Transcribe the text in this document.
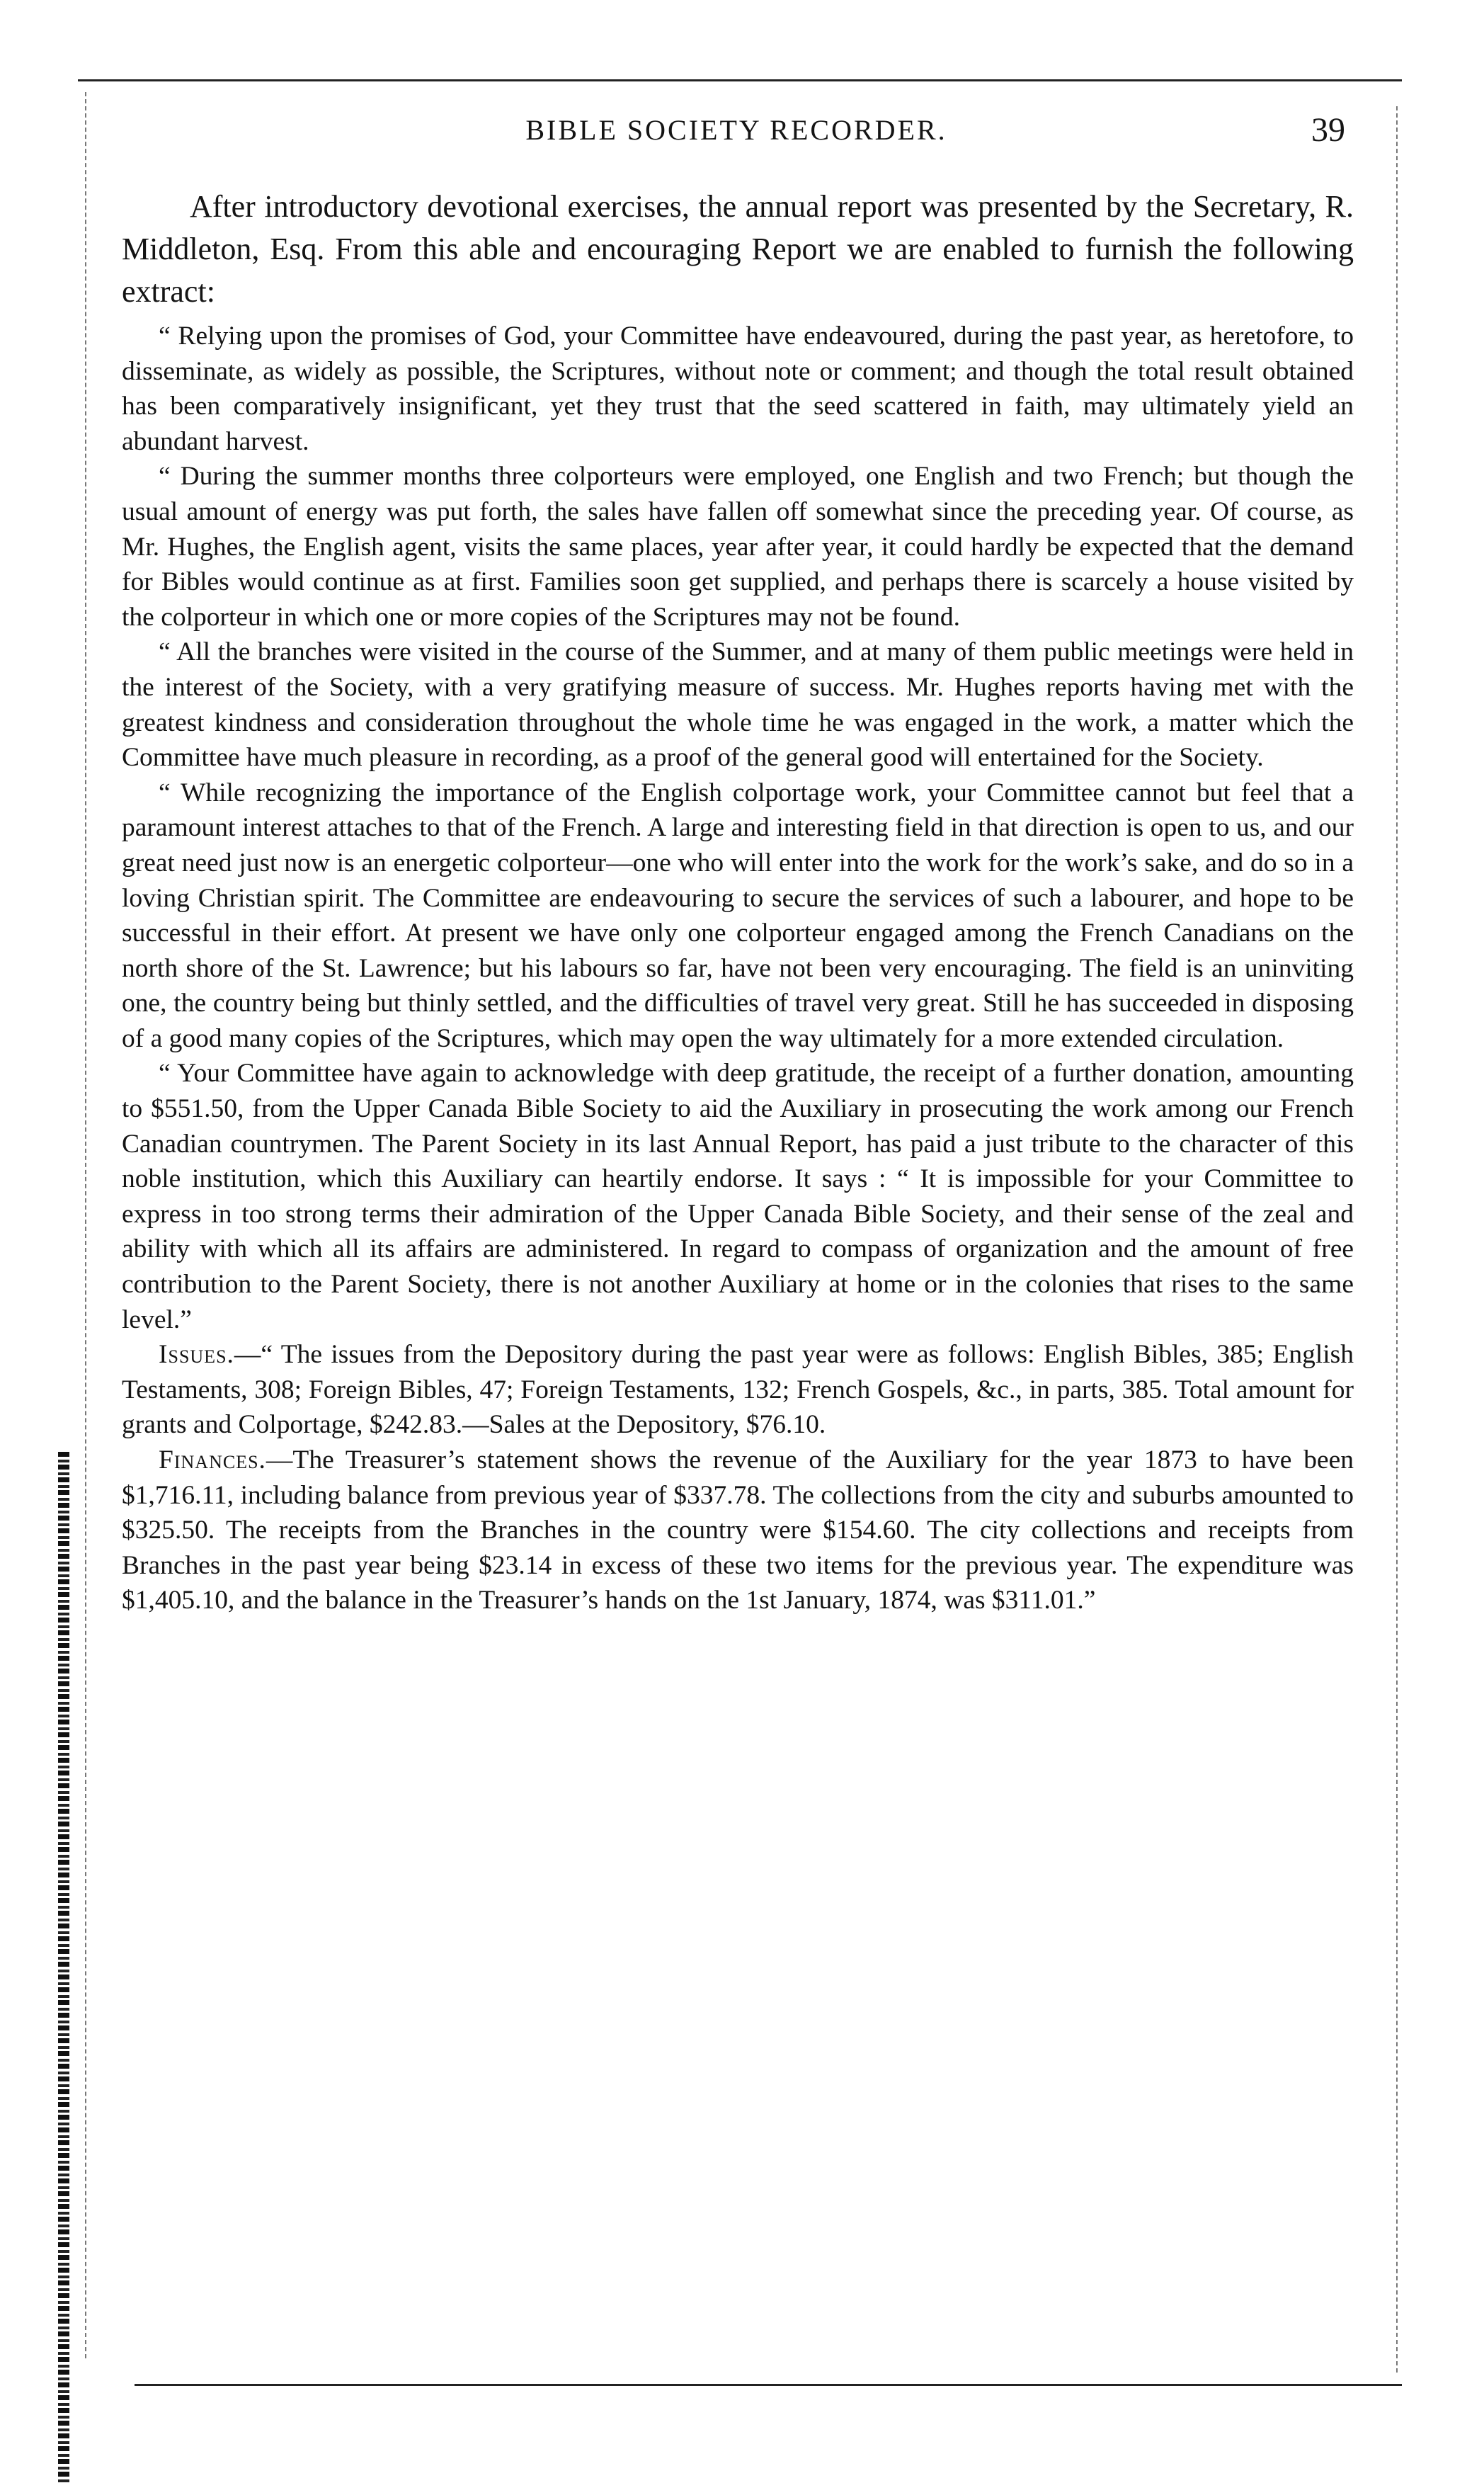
BIBLE SOCIETY RECORDER.	39

After introductory devotional exercises, the annual report was presented by the Secretary, R. Middleton, Esq. From this able and encouraging Report we are enabled to furnish the following extract:

“ Relying upon the promises of God, your Committee have endeavoured, during the past year, as heretofore, to disseminate, as widely as possible, the Scriptures, without note or comment; and though the total result obtained has been comparatively insignificant, yet they trust that the seed scattered in faith, may ultimately yield an abundant harvest.

“ During the summer months three colporteurs were employed, one English and two French; but though the usual amount of energy was put forth, the sales have fallen off somewhat since the preceding year. Of course, as Mr. Hughes, the English agent, visits the same places, year after year, it could hardly be expected that the demand for Bibles would continue as at first. Families soon get supplied, and perhaps there is scarcely a house visited by the colporteur in which one or more copies of the Scriptures may not be found.

“ All the branches were visited in the course of the Summer, and at many of them public meetings were held in the interest of the Society, with a very gratifying measure of success. Mr. Hughes reports having met with the greatest kindness and consideration throughout the whole time he was engaged in the work, a matter which the Committee have much pleasure in recording, as a proof of the general good will entertained for the Society.

“ While recognizing the importance of the English colportage work, your Committee cannot but feel that a paramount interest attaches to that of the French. A large and interesting field in that direction is open to us, and our great need just now is an energetic colporteur—one who will enter into the work for the work’s sake, and do so in a loving Christian spirit. The Committee are endeavouring to secure the services of such a labourer, and hope to be successful in their effort. At present we have only one colporteur engaged among the French Canadians on the north shore of the St. Lawrence; but his labours so far, have not been very encouraging. The field is an uninviting one, the country being but thinly settled, and the difficulties of travel very great. Still he has succeeded in disposing of a good many copies of the Scriptures, which may open the way ultimately for a more extended circulation.

“ Your Committee have again to acknowledge with deep gratitude, the receipt of a further donation, amounting to $551.50, from the Upper Canada Bible Society to aid the Auxiliary in prosecuting the work among our French Canadian countrymen. The Parent Society in its last Annual Report, has paid a just tribute to the character of this noble institution, which this Auxiliary can heartily endorse. It says : “ It is impossible for your Committee to express in too strong terms their admiration of the Upper Canada Bible Society, and their sense of the zeal and ability with which all its affairs are administered. In regard to compass of organization and the amount of free contribution to the Parent Society, there is not another Auxiliary at home or in the colonies that rises to the same level.”

Issues.—“ The issues from the Depository during the past year were as follows: English Bibles, 385; English Testaments, 308; Foreign Bibles, 47; Foreign Testaments, 132; French Gospels, &c., in parts, 385. Total amount for grants and Colportage, $242.83.—Sales at the Depository, $76.10.

Finances.—The Treasurer’s statement shows the revenue of the Auxiliary for the year 1873 to have been $1,716.11, including balance from previous year of $337.78. The collections from the city and suburbs amounted to $325.50. The receipts from the Branches in the country were $154.60. The city collections and receipts from Branches in the past year being $23.14 in excess of these two items for the previous year. The expenditure was $1,405.10, and the balance in the Treasurer’s hands on the 1st January, 1874, was $311.01.”
